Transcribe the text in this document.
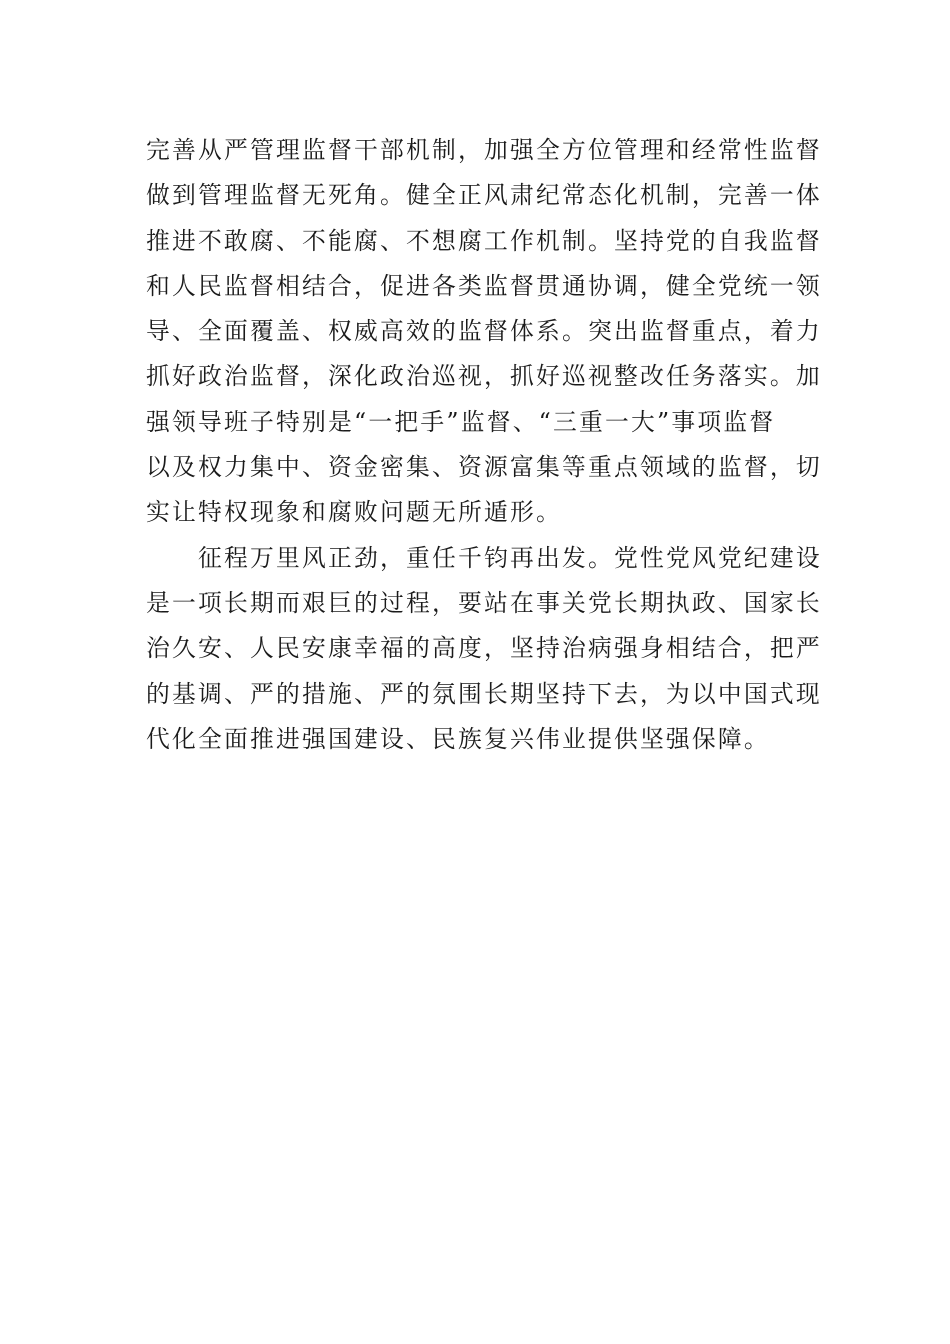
完善从严管理监督干部机制，加强全方位管理和经常性监督
做到管理监督无死角。健全正风肃纪常态化机制，完善一体
推进不敢腐、不能腐、不想腐工作机制。坚持党的自我监督
和人民监督相结合，促进各类监督贯通协调，健全党统一领
导、全面覆盖、权威高效的监督体系。突出监督重点，着力
抓好政治监督，深化政治巡视，抓好巡视整改任务落实。加
强领导班子特别是“一把手”监督、“三重一大”事项监督
以及权力集中、资金密集、资源富集等重点领域的监督，切
实让特权现象和腐败问题无所遁形。
征程万里风正劲，重任千钧再出发。党性党风党纪建设
是一项长期而艰巨的过程，要站在事关党长期执政、国家长
治久安、人民安康幸福的高度，坚持治病强身相结合，把严
的基调、严的措施、严的氛围长期坚持下去，为以中国式现
代化全面推进强国建设、民族复兴伟业提供坚强保障。
